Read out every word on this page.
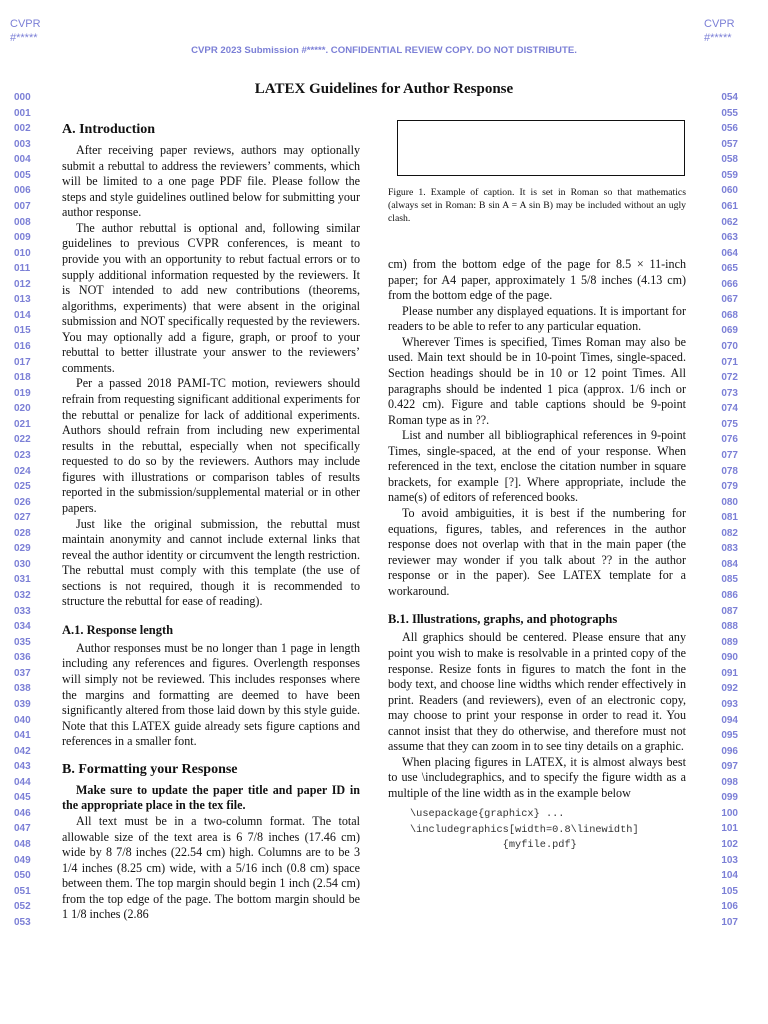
CVPR
#*****
CVPR
#*****
CVPR 2023 Submission #*****. CONFIDENTIAL REVIEW COPY. DO NOT DISTRIBUTE.
000
001
002
003
004
005
006
007
008
009
010
011
012
013
014
015
016
017
018
019
020
021
022
023
024
025
026
027
028
029
030
031
032
033
034
035
036
037
038
039
040
041
042
043
044
045
046
047
048
049
050
051
052
053
054
055
056
057
058
059
060
061
062
063
064
065
066
067
068
069
070
071
072
073
074
075
076
077
078
079
080
081
082
083
084
085
086
087
088
089
090
091
092
093
094
095
096
097
098
099
100
101
102
103
104
105
106
107
LATEX Guidelines for Author Response
A. Introduction

After receiving paper reviews, authors may optionally submit a rebuttal to address the reviewers’ comments, which will be limited to a one page PDF file. Please follow the steps and style guidelines outlined below for submitting your author response.

The author rebuttal is optional and, following similar guidelines to previous CVPR conferences, is meant to provide you with an opportunity to rebut factual errors or to supply additional information requested by the reviewers. It is NOT intended to add new contributions (theorems, algorithms, experiments) that were absent in the original submission and NOT specifically requested by the reviewers. You may optionally add a figure, graph, or proof to your rebuttal to better illustrate your answer to the reviewers’ comments.

Per a passed 2018 PAMI-TC motion, reviewers should refrain from requesting significant additional experiments for the rebuttal or penalize for lack of additional experiments. Authors should refrain from including new experimental results in the rebuttal, especially when not specifically requested to do so by the reviewers. Authors may include figures with illustrations or comparison tables of results reported in the submission/supplemental material or in other papers.

Just like the original submission, the rebuttal must maintain anonymity and cannot include external links that reveal the author identity or circumvent the length restriction. The rebuttal must comply with this template (the use of sections is not required, though it is recommended to structure the rebuttal for ease of reading).

A.1. Response length

Author responses must be no longer than 1 page in length including any references and figures. Overlength responses will simply not be reviewed. This includes responses where the margins and formatting are deemed to have been significantly altered from those laid down by this style guide. Note that this LATEX guide already sets figure captions and references in a smaller font.

B. Formatting your Response

Make sure to update the paper title and paper ID in the appropriate place in the tex file.

All text must be in a two-column format. The total allowable size of the text area is 6 7/8 inches (17.46 cm) wide by 8 7/8 inches (22.54 cm) high. Columns are to be 3 1/4 inches (8.25 cm) wide, with a 5/16 inch (0.8 cm) space between them. The top margin should begin 1 inch (2.54 cm) from the top edge of the page. The bottom margin should be 1 1/8 inches (2.86

Figure 1. Example of caption. It is set in Roman so that mathematics (always set in Roman: B sin A = A sin B) may be included without an ugly clash.

cm) from the bottom edge of the page for 8.5 × 11-inch paper; for A4 paper, approximately 1 5/8 inches (4.13 cm) from the bottom edge of the page.

Please number any displayed equations. It is important for readers to be able to refer to any particular equation.

Wherever Times is specified, Times Roman may also be used. Main text should be in 10-point Times, single-spaced. Section headings should be in 10 or 12 point Times. All paragraphs should be indented 1 pica (approx. 1/6 inch or 0.422 cm). Figure and table captions should be 9-point Roman type as in ??.

List and number all bibliographical references in 9-point Times, single-spaced, at the end of your response. When referenced in the text, enclose the citation number in square brackets, for example [?]. Where appropriate, include the name(s) of editors of referenced books.

To avoid ambiguities, it is best if the numbering for equations, figures, tables, and references in the author response does not overlap with that in the main paper (the reviewer may wonder if you talk about ?? in the author response or in the paper). See LATEX template for a workaround.

B.1. Illustrations, graphs, and photographs

All graphics should be centered. Please ensure that any point you wish to make is resolvable in a printed copy of the response. Resize fonts in figures to match the font in the body text, and choose line widths which render effectively in print. Readers (and reviewers), even of an electronic copy, may choose to print your response in order to read it. You cannot insist that they do otherwise, and therefore must not assume that they can zoom in to see tiny details on a graphic.

When placing figures in LATEX, it is almost always best to use \includegraphics, and to specify the figure width as a multiple of the line width as in the example below

\usepackage{graphicx} ...
\includegraphics[width=0.8\linewidth]
{myfile.pdf}
